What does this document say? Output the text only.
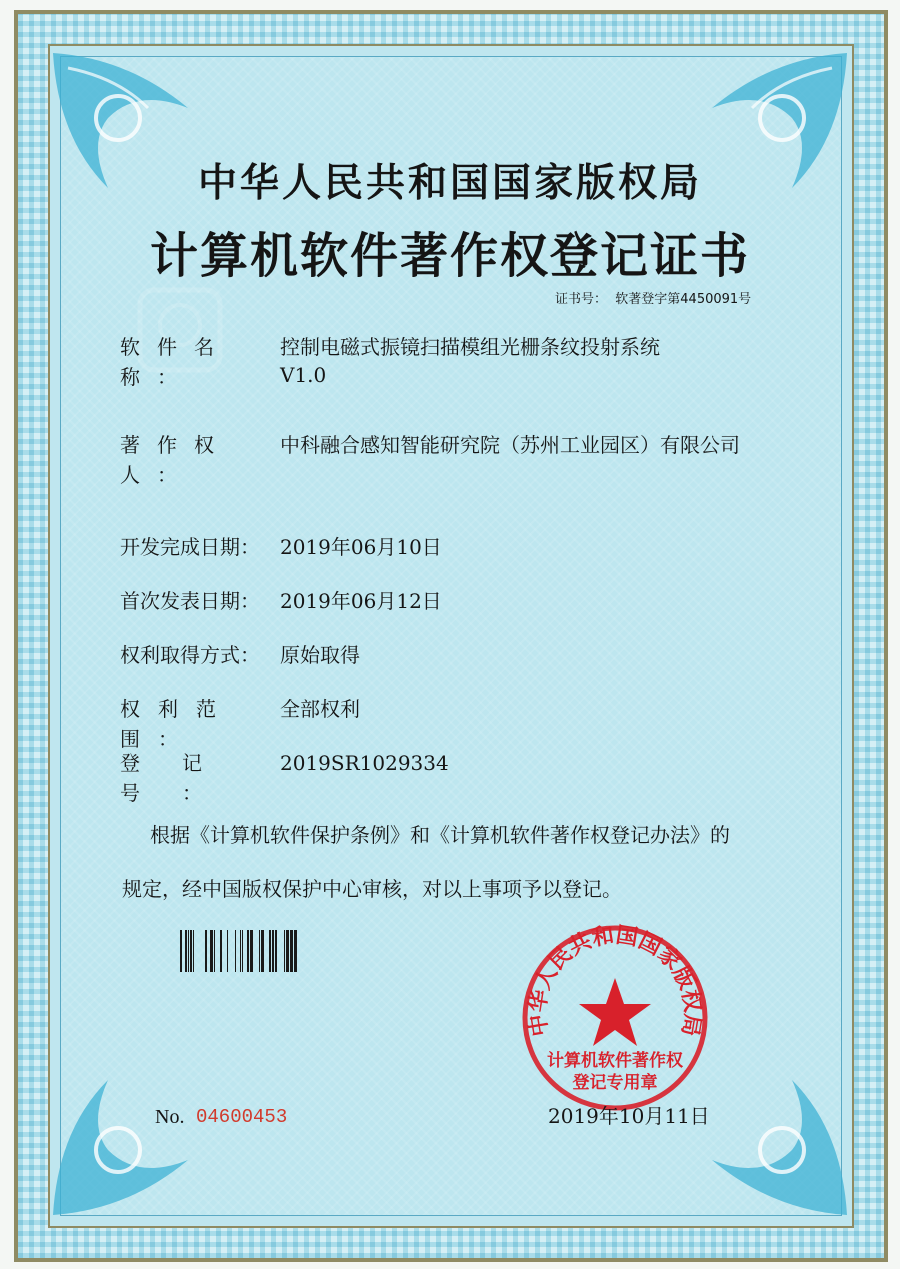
中华人民共和国国家版权局
计算机软件著作权登记证书
证书号： 软著登字第4450091号
软件名称：
控制电磁式振镜扫描模组光栅条纹投射系统
V1.0
著作权人：
中科融合感知智能研究院（苏州工业园区）有限公司
开发完成日期：	2019年06月10日
首次发表日期：	2019年06月12日
权利取得方式：	原始取得
权利范围：
全部权利
登记号：
2019SR1029334
根据《计算机软件保护条例》和《计算机软件著作权登记办法》的
规定，经中国版权保护中心审核，对以上事项予以登记。
中华人民共和国国家版权局
计算机软件著作权
登记专用章
No. 04600453	2019年10月11日
